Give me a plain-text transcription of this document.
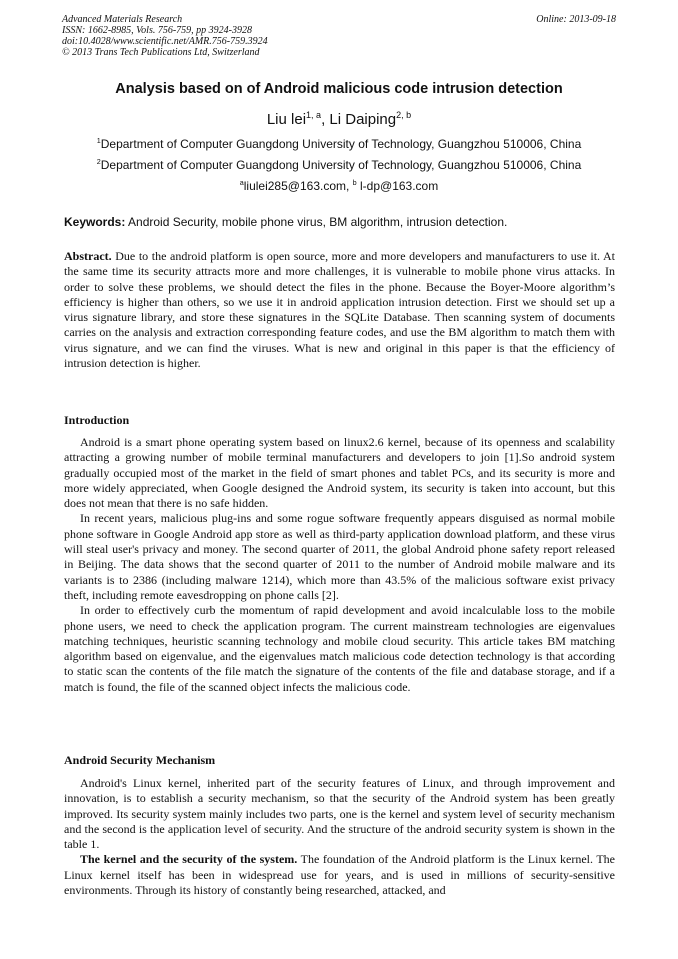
Advanced Materials Research
ISSN: 1662-8985, Vols. 756-759, pp 3924-3928
doi:10.4028/www.scientific.net/AMR.756-759.3924
© 2013 Trans Tech Publications Ltd, Switzerland
Online: 2013-09-18
Analysis based on of Android malicious code intrusion detection
Liu lei$^{1, a}$, Li Daiping$^{2, b}$
$^1$Department of Computer Guangdong University of Technology, Guangzhou 510006, China
$^2$Department of Computer Guangdong University of Technology, Guangzhou 510006, China
$^a$liulei285@163.com, $^b$ l-dp@163.com
Keywords: Android Security, mobile phone virus, BM algorithm, intrusion detection.

Abstract. Due to the android platform is open source, more and more developers and manufacturers to use it. At the same time its security attracts more and more challenges, it is vulnerable to mobile phone virus attacks. In order to solve these problems, we should detect the files in the phone. Because the Boyer-Moore algorithm’s efficiency is higher than others, so we use it in android application intrusion detection. First we should set up a virus signature library, and store these signatures in the SQLite Database. Then scanning system of documents carries on the analysis and extraction corresponding feature codes, and use the BM algorithm to match them with virus signature, and we can find the viruses. What is new and original in this paper is that the efficiency of intrusion detection is higher.

Introduction

Android is a smart phone operating system based on linux2.6 kernel, because of its openness and scalability attracting a growing number of mobile terminal manufacturers and developers to join [1].So android system gradually occupied most of the market in the field of smart phones and tablet PCs, and its security is more and more widely appreciated, when Google designed the Android system, its security is taken into account, but this does not mean that there is no safe hidden.

In recent years, malicious plug-ins and some rogue software frequently appears disguised as normal mobile phone software in Google Android app store as well as third-party application download platform, and these virus will steal user's privacy and money. The second quarter of 2011, the global Android phone safety report released in Beijing. The data shows that the second quarter of 2011 to the number of Android mobile malware and its variants is to 2386 (including malware 1214), which more than 43.5% of the malicious software exist privacy theft, including remote eavesdropping on phone calls [2].

In order to effectively curb the momentum of rapid development and avoid incalculable loss to the mobile phone users, we need to check the application program. The current mainstream technologies are eigenvalues matching techniques, heuristic scanning technology and mobile cloud security. This article takes BM matching algorithm based on eigenvalue, and the eigenvalues match malicious code detection technology is that according to static scan the contents of the file match the signature of the contents of the file and database storage, and if a match is found, the file of the scanned object infects the malicious code.

Android Security Mechanism

Android's Linux kernel, inherited part of the security features of Linux, and through improvement and innovation, is to establish a security mechanism, so that the security of the Android system has been greatly improved. Its security system mainly includes two parts, one is the kernel and system level of security mechanism and the second is the application level of security. And the structure of the android security system is shown in the table 1.

The kernel and the security of the system. The foundation of the Android platform is the Linux kernel. The Linux kernel itself has been in widespread use for years, and is used in millions of security-sensitive environments. Through its history of constantly being researched, attacked, and
